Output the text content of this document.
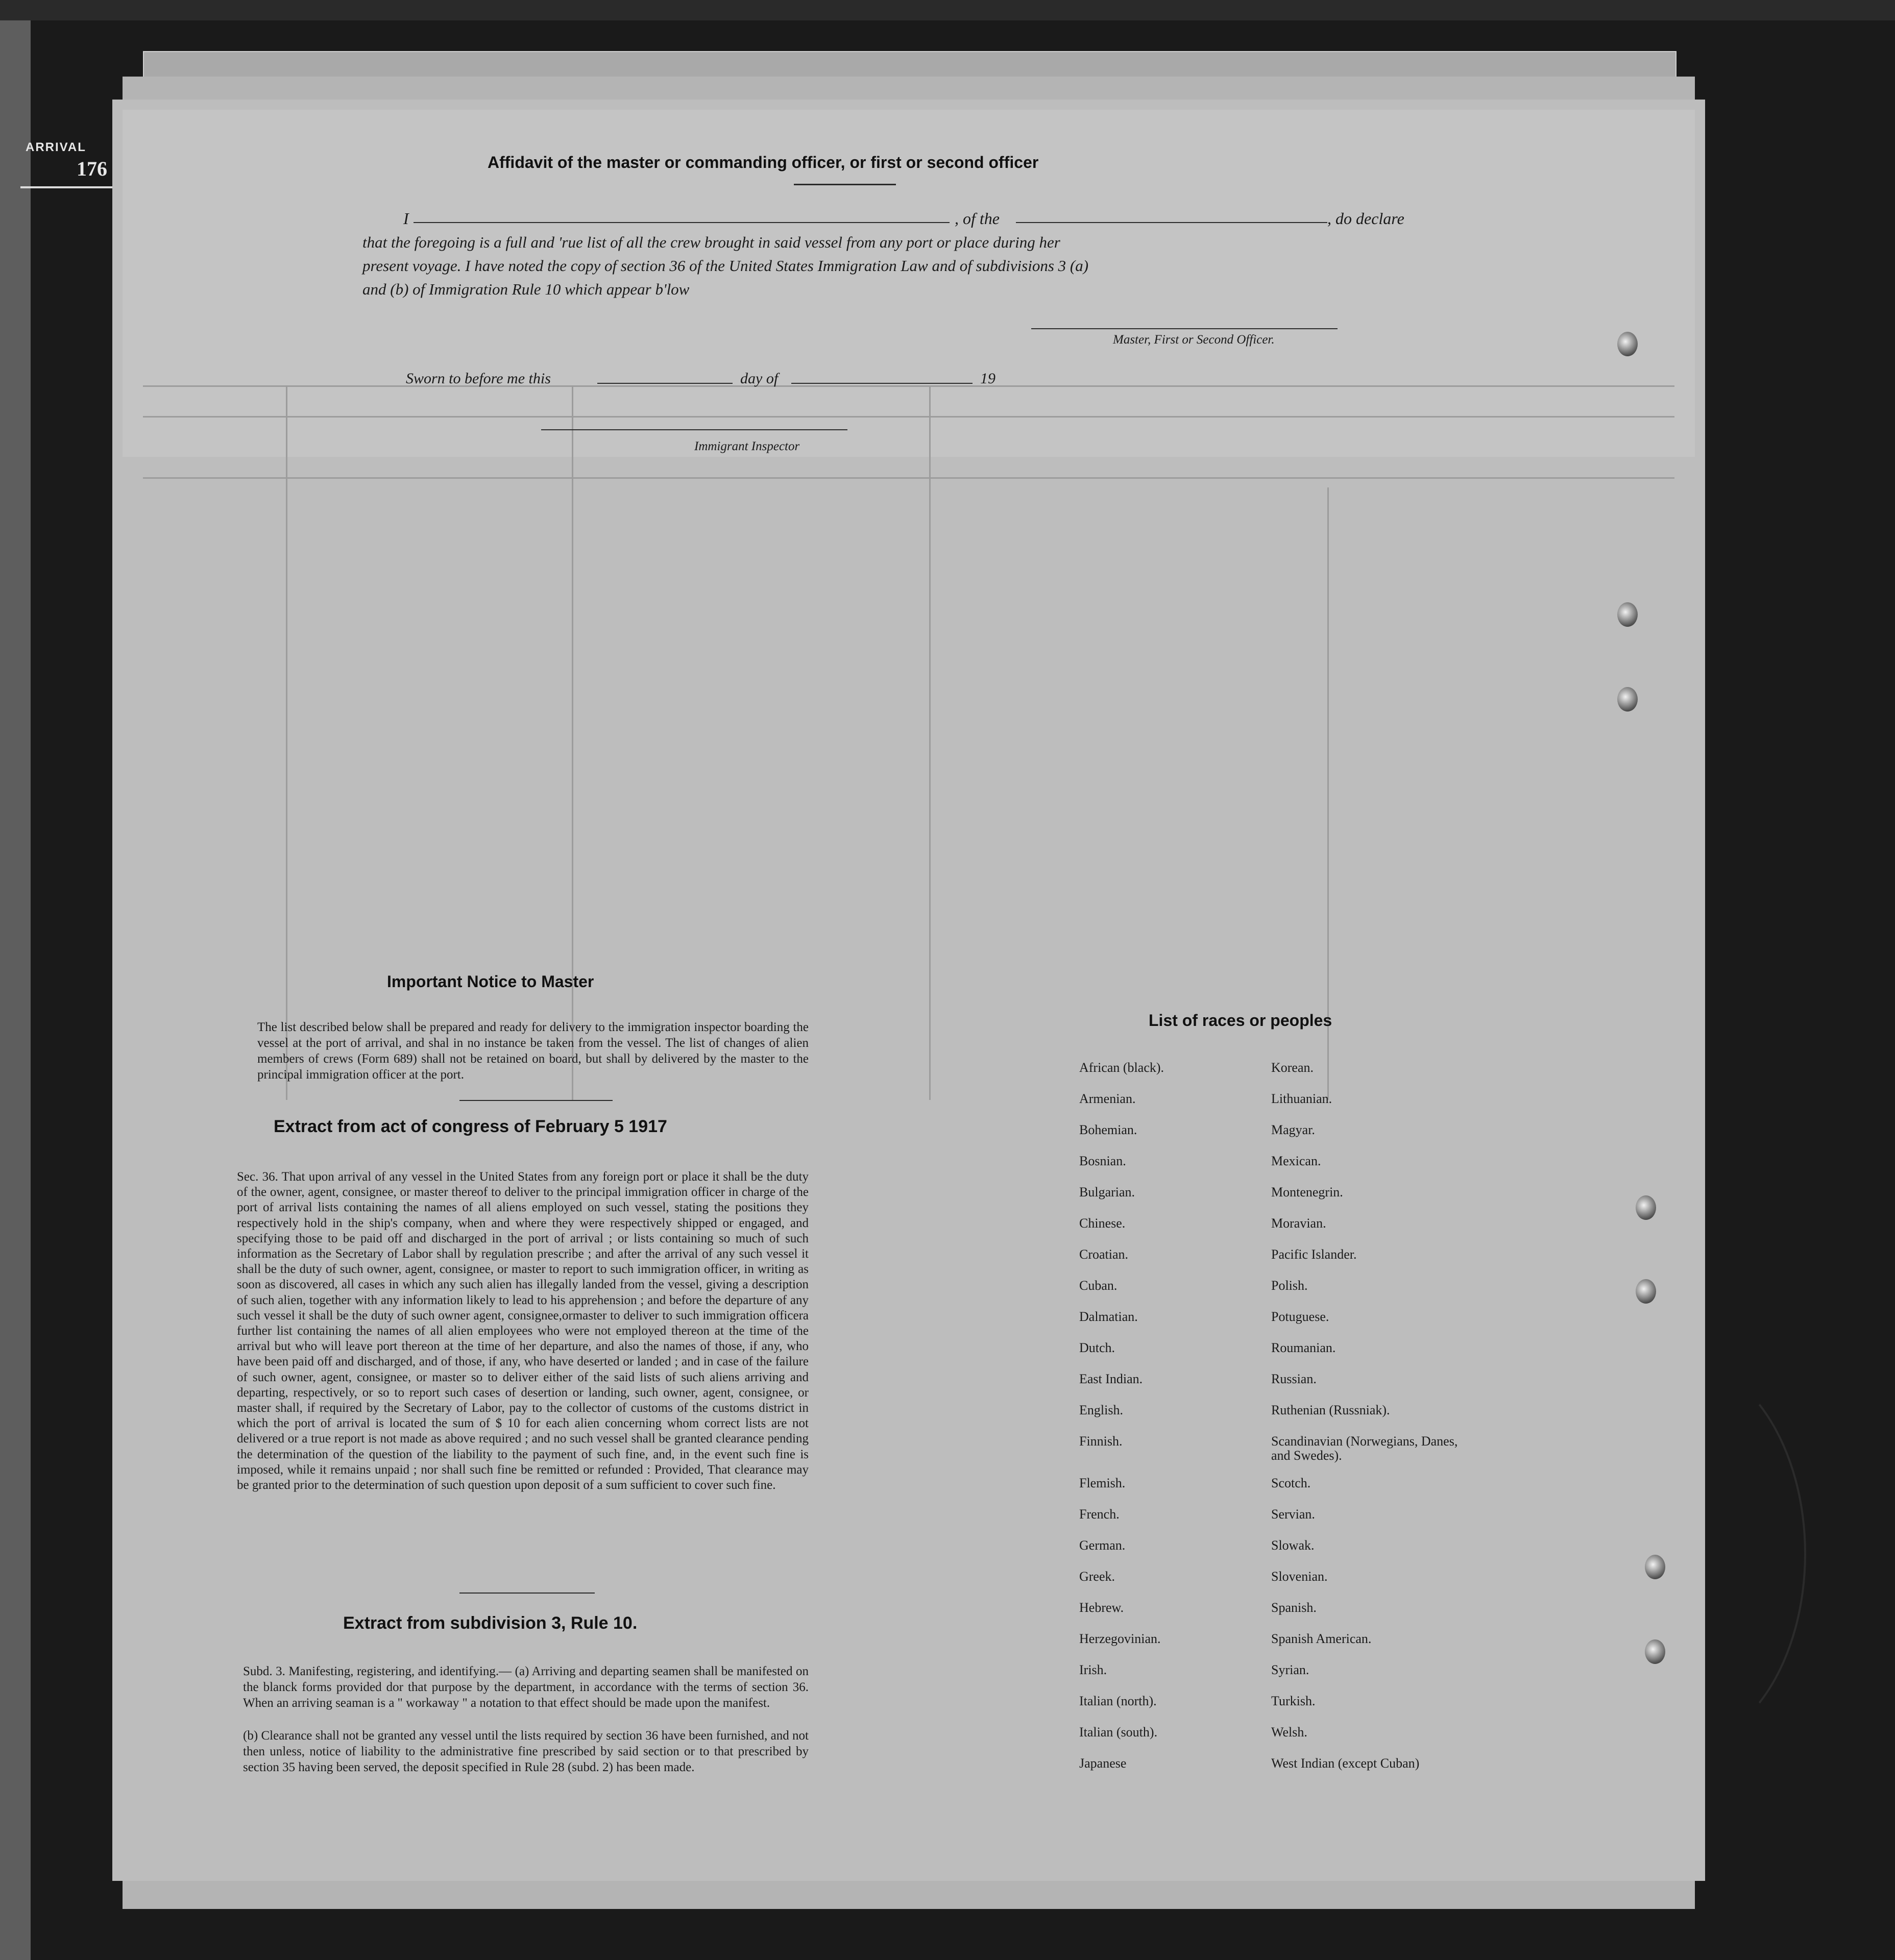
ARRIVAL
176	Affidavit of the master or commanding officer, or first or second officer
I	, of the	, do declare
that the foregoing is a full and 'rue list of all the crew brought in said vessel from any port or place during her
present voyage. I have noted the copy of section 36 of the United States Immigration Law and of subdivisions 3 (a)
and (b) of Immigration Rule 10 which appear b'low
Master, First or Second Officer.
Sworn to before me this	day of	19
Immigrant Inspector
Important Notice to Master
The list described below shall be prepared and ready for delivery to the immigration inspector boarding the vessel at the port of arrival, and shal in no instance be taken from the vessel. The list of changes of alien members of crews (Form 689) shall not be retained on board, but shall by delivered by the master to the principal immigration officer at the port.
Extract from act of congress of February 5 1917
Sec. 36. That upon arrival of any vessel in the United States from any foreign port or place it shall be the duty of the owner, agent, consignee, or master thereof to deliver to the principal immigration officer in charge of the port of arrival lists containing the names of all aliens employed on such vessel, stating the positions they respectively hold in the ship's company, when and where they were respectively shipped or engaged, and specifying those to be paid off and discharged in the port of arrival ; or lists containing so much of such information as the Secretary of Labor shall by regulation prescribe ; and after the arrival of any such vessel it shall be the duty of such owner, agent, consignee, or master to report to such immigration officer, in writing as soon as discovered, all cases in which any such alien has illegally landed from the vessel, giving a description of such alien, together with any information likely to lead to his apprehension ; and before the departure of any such vessel it shall be the duty of such owner agent, consignee,ormaster to deliver to such immigration officera further list containing the names of all alien employees who were not employed thereon at the time of the arrival but who will leave port thereon at the time of her departure, and also the names of those, if any, who have been paid off and discharged, and of those, if any, who have deserted or landed ; and in case of the failure of such owner, agent, consignee, or master so to deliver either of the said lists of such aliens arriving and departing, respectively, or so to report such cases of desertion or landing, such owner, agent, consignee, or master shall, if required by the Secretary of Labor, pay to the collector of customs of the customs district in which the port of arrival is located the sum of $ 10 for each alien concerning whom correct lists are not delivered or a true report is not made as above required ; and no such vessel shall be granted clearance pending the determination of the question of the liability to the payment of such fine, and, in the event such fine is imposed, while it remains unpaid ; nor shall such fine be remitted or refunded : Provided, That clearance may be granted prior to the determination of such question upon deposit of a sum sufficient to cover such fine.
Extract from subdivision 3, Rule 10.
Subd. 3. Manifesting, registering, and identifying.— (a) Arriving and departing seamen shall be manifested on the blanck forms provided dor that purpose by the department, in accordance with the terms of section 36. When an arriving seaman is a " workaway " a notation to that effect should be made upon the manifest.
(b) Clearance shall not be granted any vessel until the lists required by section 36 have been furnished, and not then unless, notice of liability to the administrative fine prescribed by said section or to that prescribed by section 35 having been served, the deposit specified in Rule 28 (subd. 2) has been made.
List of races or peoples
African (black).	Korean.
Armenian.	Lithuanian.
Bohemian.	Magyar.
Bosnian.	Mexican.
Bulgarian.	Montenegrin.
Chinese.	Moravian.
Croatian.	Pacific Islander.
Cuban.	Polish.
Dalmatian.	Potuguese.
Dutch.	Roumanian.
East Indian.	Russian.
English.	Ruthenian (Russniak).
Finnish.	Scandinavian (Norwegians, Danes, and Swedes).
Flemish.	Scotch.
French.	Servian.
German.	Slowak.
Greek.	Slovenian.
Hebrew.	Spanish.
Herzegovinian.	Spanish American.
Irish.	Syrian.
Italian (north).	Turkish.
Italian (south).	Welsh.
Japanese	West Indian (except Cuban)
